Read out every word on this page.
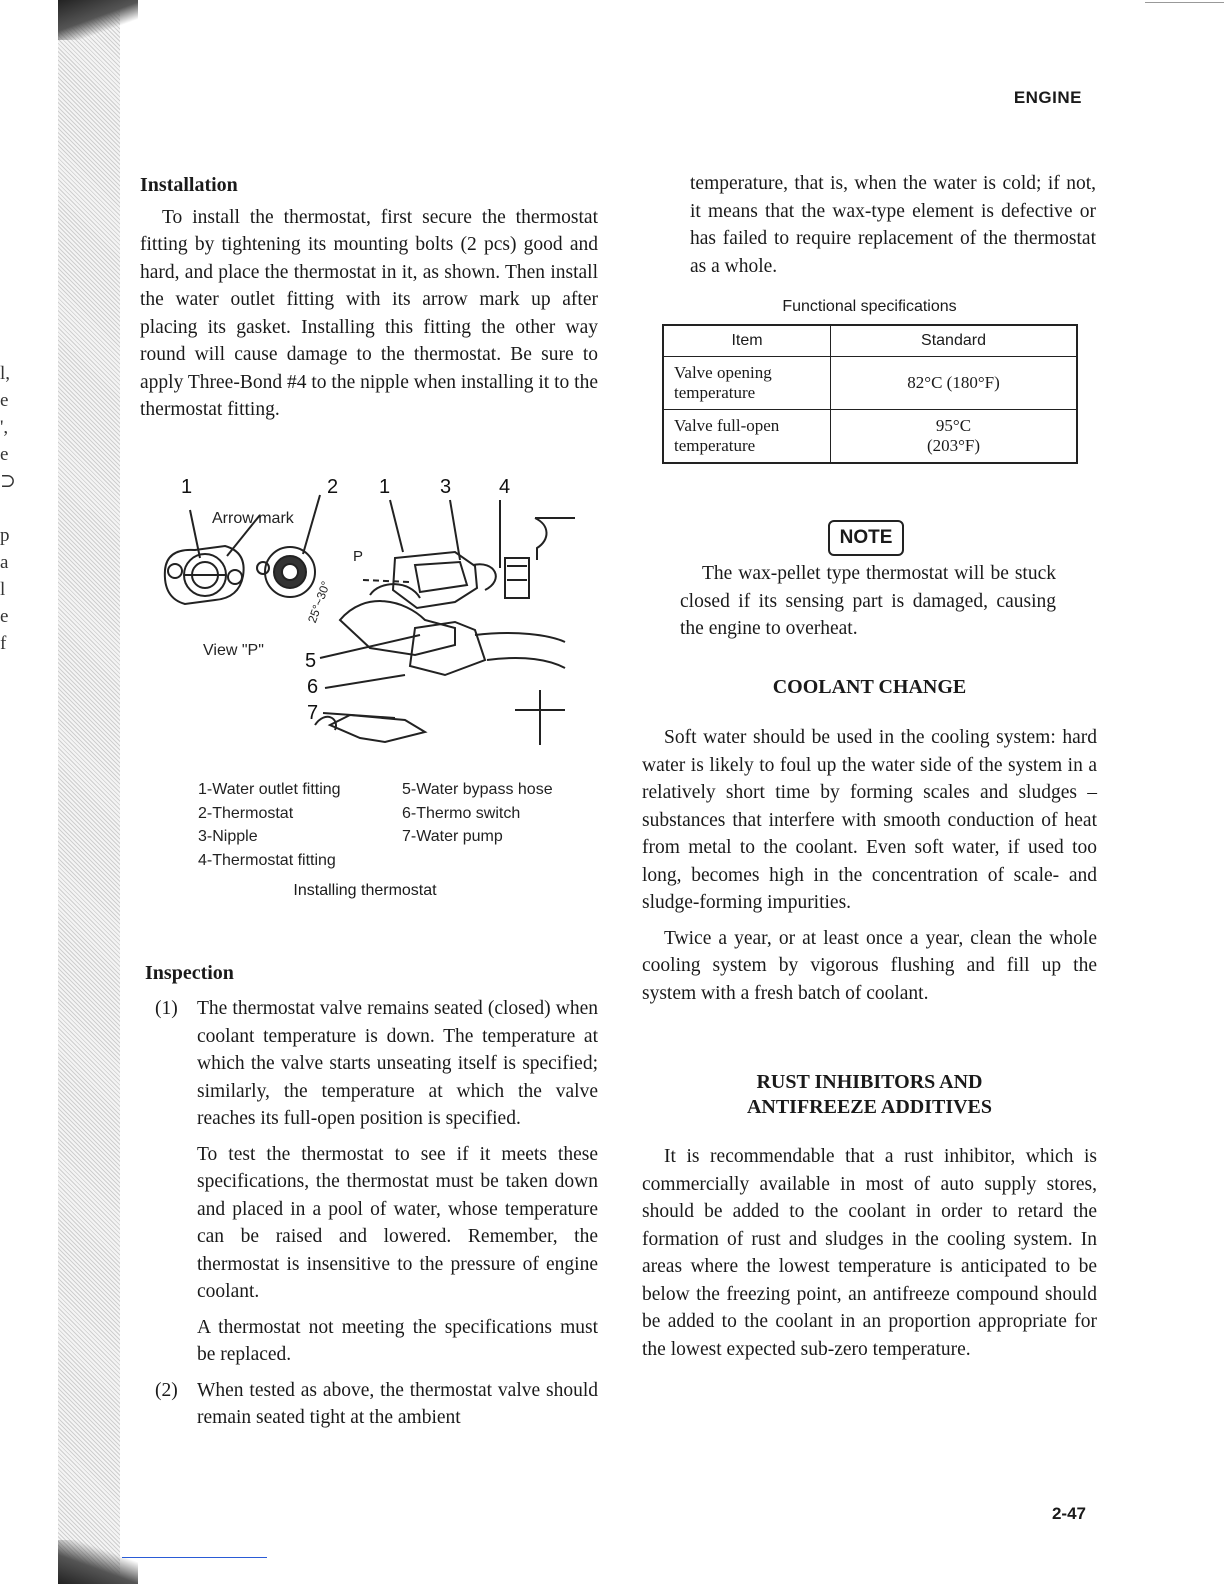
l,
e
',
e
⊃
p
a
l
e
f
ENGINE
Installation

To install the thermostat, first secure the thermostat fitting by tightening its mounting bolts (2 pcs) good and hard, and place the thermostat in it, as shown. Then install the water outlet fitting with its arrow mark up after placing its gasket. Installing this fitting the other way round will cause damage to the thermostat. Be sure to apply Three-Bond #4 to the nipple when installing it to the thermostat fitting.

1	2 1 3 4
5
6
7
Arrow mark
View "P"
P
25°~30°
1-Water outlet fitting
2-Thermostat
3-Nipple
4-Thermostat fitting
5-Water bypass hose
6-Thermo switch
7-Water pump
Installing thermostat
Inspection
(1) The thermostat valve remains seated (closed) when coolant temperature is down. The temperature at which the valve starts unseating itself is specified; similarly, the temperature at which the valve reaches its full-open position is specified.

To test the thermostat to see if it meets these specifications, the thermostat must be taken down and placed in a pool of water, whose temperature can be raised and lowered. Remember, the thermostat is insensitive to the pressure of engine coolant.

A thermostat not meeting the specifications must be replaced.

(2) When tested as above, the thermostat valve should remain seated tight at the ambient

temperature, that is, when the water is cold; if not, it means that the wax-type element is defective or has failed to require replacement of the thermostat as a whole.

Functional specifications
Item	Standard
Valve opening temperature	82°C (180°F)
Valve full-open temperature	95°C
(203°F)
NOTE

The wax-pellet type thermostat will be stuck closed if its sensing part is damaged, causing the engine to overheat.

COOLANT CHANGE

Soft water should be used in the cooling system: hard water is likely to foul up the water side of the system in a relatively short time by forming scales and sludges – substances that interfere with smooth conduction of heat from metal to the coolant. Even soft water, if used too long, becomes high in the concentration of scale- and sludge-forming impurities.

Twice a year, or at least once a year, clean the whole cooling system by vigorous flushing and fill up the system with a fresh batch of coolant.

RUST INHIBITORS AND
ANTIFREEZE ADDITIVES

It is recommendable that a rust inhibitor, which is commercially available in most of auto supply stores, should be added to the coolant in order to retard the formation of rust and sludges in the cooling system. In areas where the lowest temperature is anticipated to be below the freezing point, an antifreeze compound should be added to the coolant in an proportion appropriate for the lowest expected sub-zero temperature.

2-47
